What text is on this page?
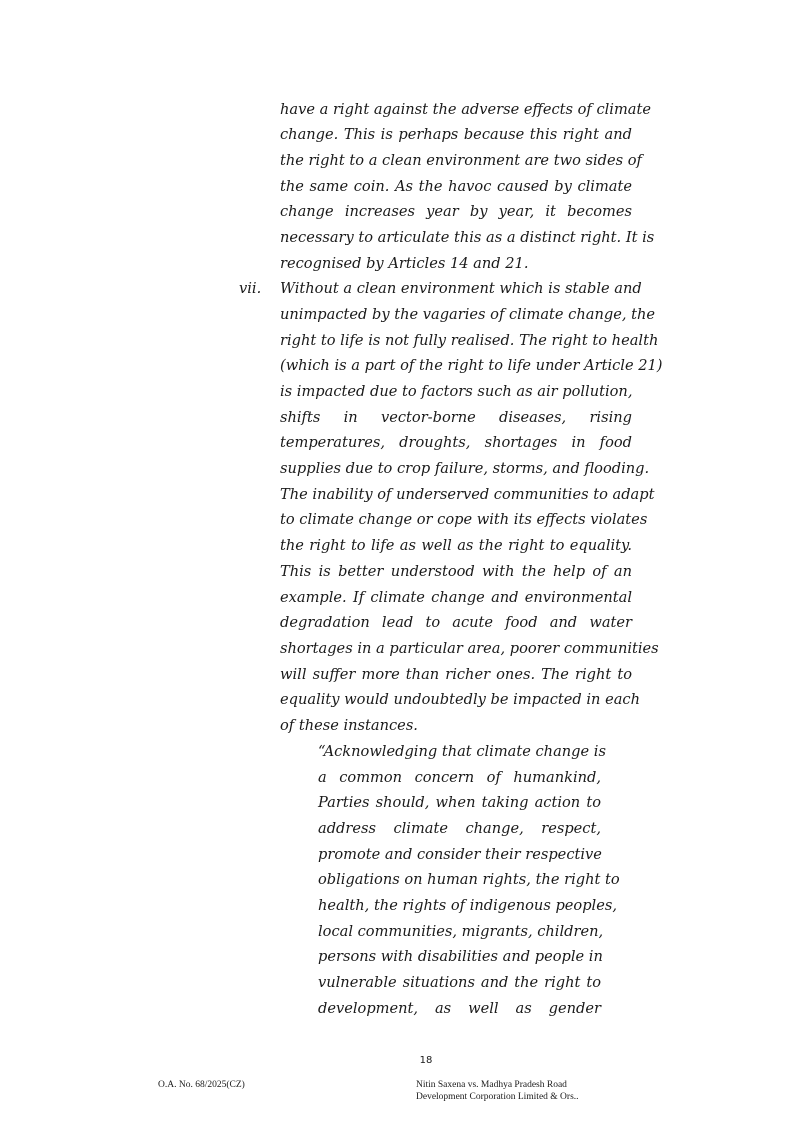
have a right against the adverse effects of climate
change. This is perhaps because this right and
the right to a clean environment are two sides of
the same coin. As the havoc caused by climate
change increases year by year, it becomes
necessary to articulate this as a distinct right. It is
recognised by Articles 14 and 21.
vii. Without a clean environment which is stable and
unimpacted by the vagaries of climate change, the
right to life is not fully realised. The right to health
(which is a part of the right to life under Article 21)
is impacted due to factors such as air pollution,
shifts in vector-borne diseases, rising
temperatures, droughts, shortages in food
supplies due to crop failure, storms, and flooding.
The inability of underserved communities to adapt
to climate change or cope with its effects violates
the right to life as well as the right to equality.
This is better understood with the help of an
example. If climate change and environmental
degradation lead to acute food and water
shortages in a particular area, poorer communities
will suffer more than richer ones. The right to
equality would undoubtedly be impacted in each
of these instances.
“Acknowledging that climate change is
a common concern of humankind,
Parties should, when taking action to
address climate change, respect,
promote and consider their respective
obligations on human rights, the right to
health, the rights of indigenous peoples,
local communities, migrants, children,
persons with disabilities and people in
vulnerable situations and the right to
development, as well as gender
18
O.A. No. 68/2025(CZ)	Nitin Saxena vs. Madhya Pradesh Road
Development Corporation Limited & Ors..
